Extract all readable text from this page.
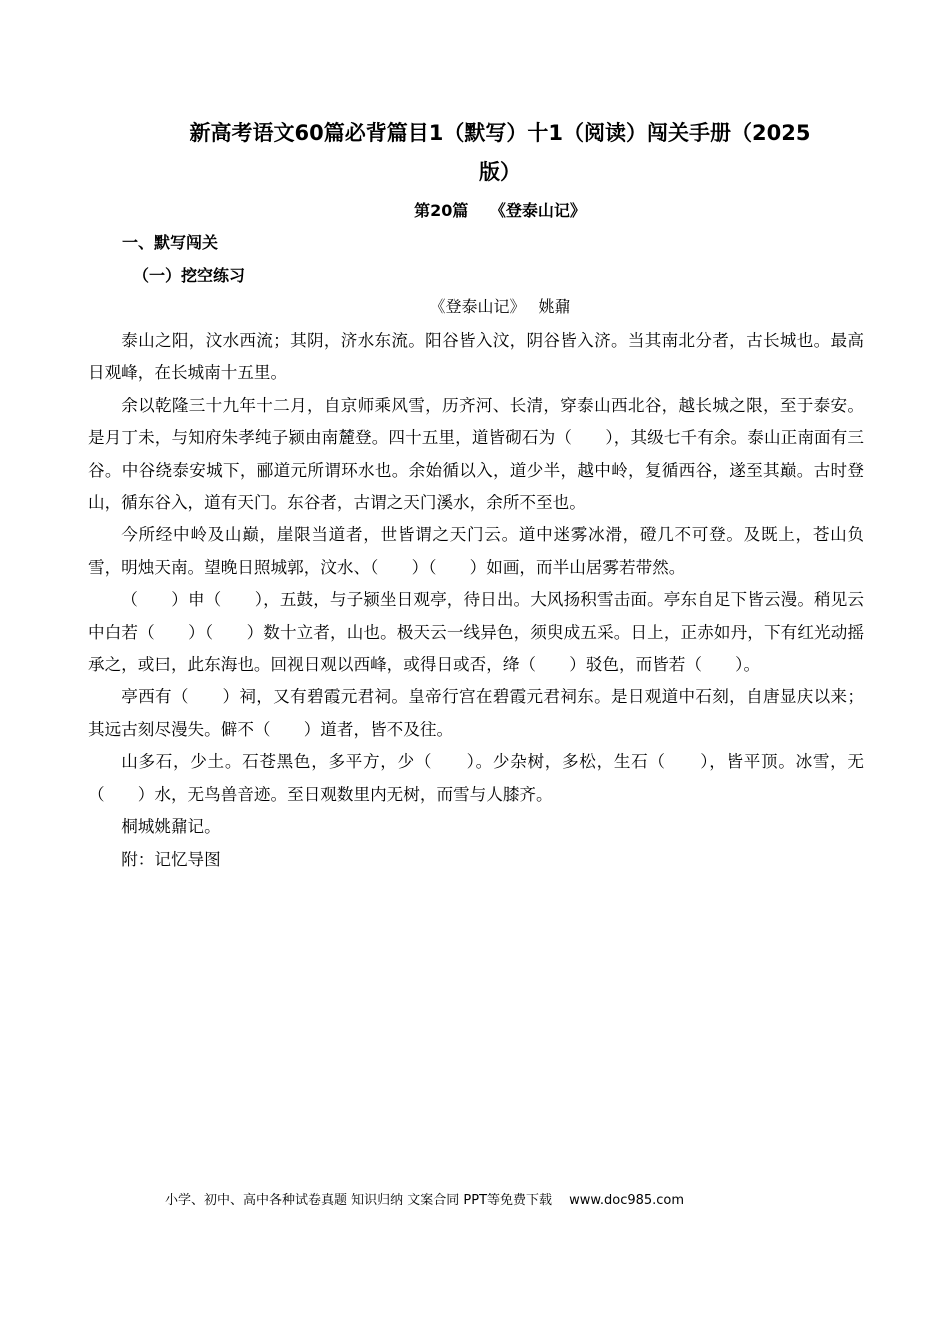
新高考语文60篇必背篇目1（默写）十1（阅读）闯关手册（2025
版）
第20篇　 《登泰山记》
一、默写闯关
（一）挖空练习
《登泰山记》　 姚鼐

泰山之阳，汶水西流；其阴，济水东流。阳谷皆入汶，阴谷皆入济。当其南北分者，古长城也。最高日观峰，在长城南十五里。

余以乾隆三十九年十二月，自京师乘风雪，历齐河、长清，穿泰山西北谷，越长城之限，至于泰安。是月丁未，与知府朱孝纯子颍由南麓登。四十五里，道皆砌石为（　　），其级七千有余。泰山正南面有三谷。中谷绕泰安城下，郦道元所谓环水也。余始循以入，道少半，越中岭，复循西谷，遂至其巅。古时登山，循东谷入，道有天门。东谷者，古谓之天门溪水，余所不至也。

今所经中岭及山巅，崖限当道者，世皆谓之天门云。道中迷雾冰滑，磴几不可登。及既上，苍山负雪，明烛天南。望晚日照城郭，汶水、（　　）（　　）如画，而半山居雾若带然。

（　　）申（　　），五鼓，与子颍坐日观亭，待日出。大风扬积雪击面。亭东自足下皆云漫。稍见云中白若（　　）（　　）数十立者，山也。极天云一线异色，须臾成五采。日上，正赤如丹，下有红光动摇承之，或曰，此东海也。回视日观以西峰，或得日或否，绛（　　）驳色，而皆若（　　）。

亭西有（　　）祠，又有碧霞元君祠。皇帝行宫在碧霞元君祠东。是日观道中石刻，自唐显庆以来；其远古刻尽漫失。僻不（　　）道者，皆不及往。

山多石，少土。石苍黑色，多平方，少（　　）。少杂树，多松，生石（　　），皆平顶。冰雪，无（　　）水，无鸟兽音迹。至日观数里内无树，而雪与人膝齐。

桐城姚鼐记。

附：记忆导图

小学、初中、高中各种试卷真题 知识归纳 文案合同 PPT等免费下载　 www.doc985.com
